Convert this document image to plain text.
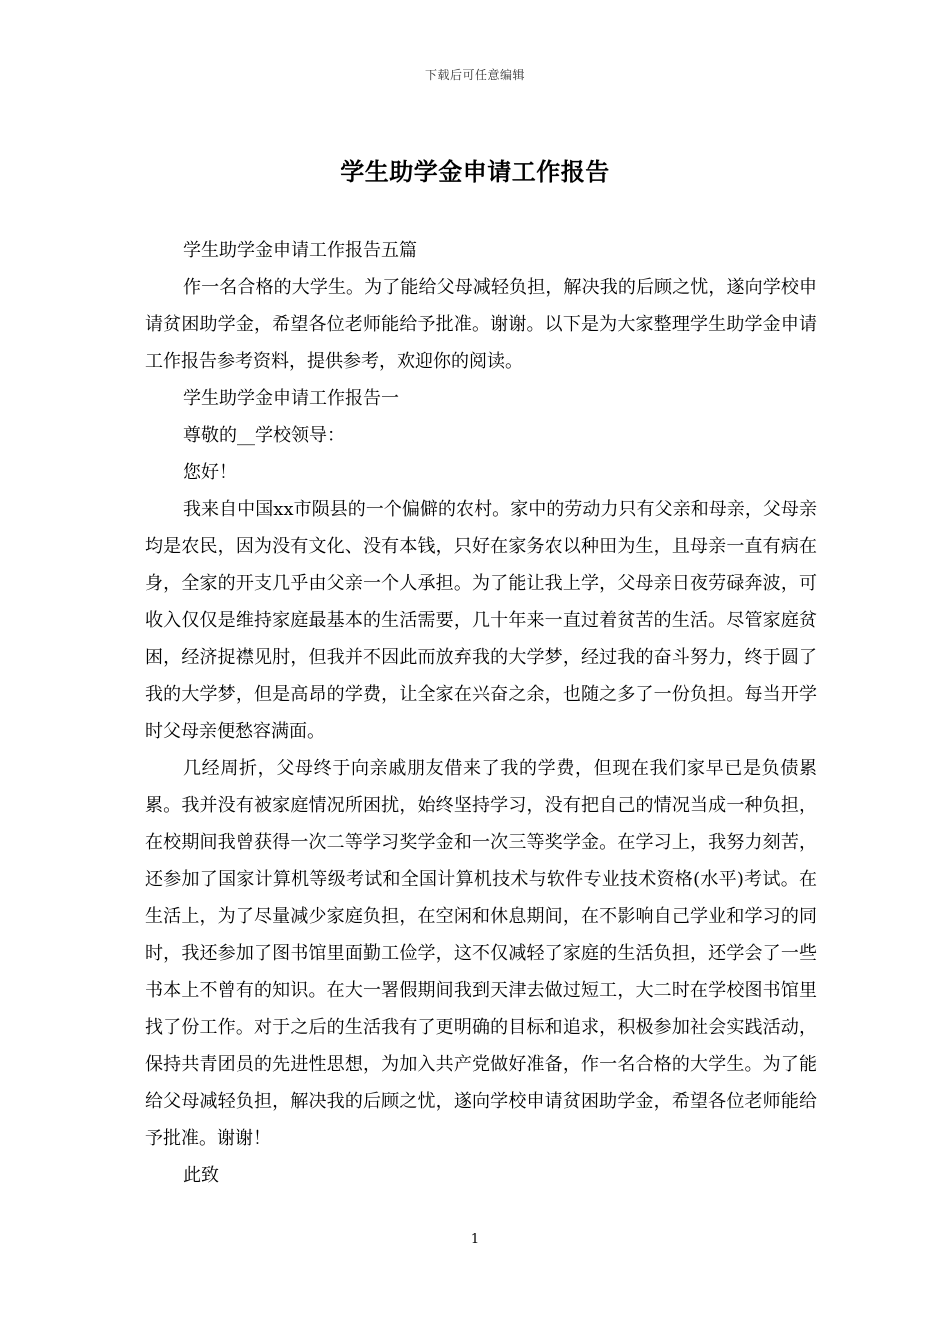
下载后可任意编辑
学生助学金申请工作报告

学生助学金申请工作报告五篇

作一名合格的大学生。为了能给父母减轻负担，解决我的后顾之忧，遂向学校申请贫困助学金，希望各位老师能给予批准。谢谢。以下是为大家整理学生助学金申请工作报告参考资料，提供参考，欢迎你的阅读。

学生助学金申请工作报告一

尊敬的__学校领导：

您好！

我来自中国xx市陨县的一个偏僻的农村。家中的劳动力只有父亲和母亲，父母亲均是农民，因为没有文化、没有本钱，只好在家务农以种田为生，且母亲一直有病在身，全家的开支几乎由父亲一个人承担。为了能让我上学，父母亲日夜劳碌奔波，可收入仅仅是维持家庭最基本的生活需要，几十年来一直过着贫苦的生活。尽管家庭贫困，经济捉襟见肘，但我并不因此而放弃我的大学梦，经过我的奋斗努力，终于圆了我的大学梦，但是高昂的学费，让全家在兴奋之余，也随之多了一份负担。每当开学时父母亲便愁容满面。

几经周折，父母终于向亲戚朋友借来了我的学费，但现在我们家早已是负债累累。我并没有被家庭情况所困扰，始终坚持学习，没有把自己的情况当成一种负担，在校期间我曾获得一次二等学习奖学金和一次三等奖学金。在学习上，我努力刻苦，还参加了国家计算机等级考试和全国计算机技术与软件专业技术资格(水平)考试。在生活上，为了尽量减少家庭负担，在空闲和休息期间，在不影响自己学业和学习的同时，我还参加了图书馆里面勤工俭学，这不仅减轻了家庭的生活负担，还学会了一些书本上不曾有的知识。在大一署假期间我到天津去做过短工，大二时在学校图书馆里找了份工作。对于之后的生活我有了更明确的目标和追求，积极参加社会实践活动，保持共青团员的先进性思想，为加入共产党做好准备，作一名合格的大学生。为了能给父母减轻负担，解决我的后顾之忧，遂向学校申请贫困助学金，希望各位老师能给予批准。谢谢！

此致

1
